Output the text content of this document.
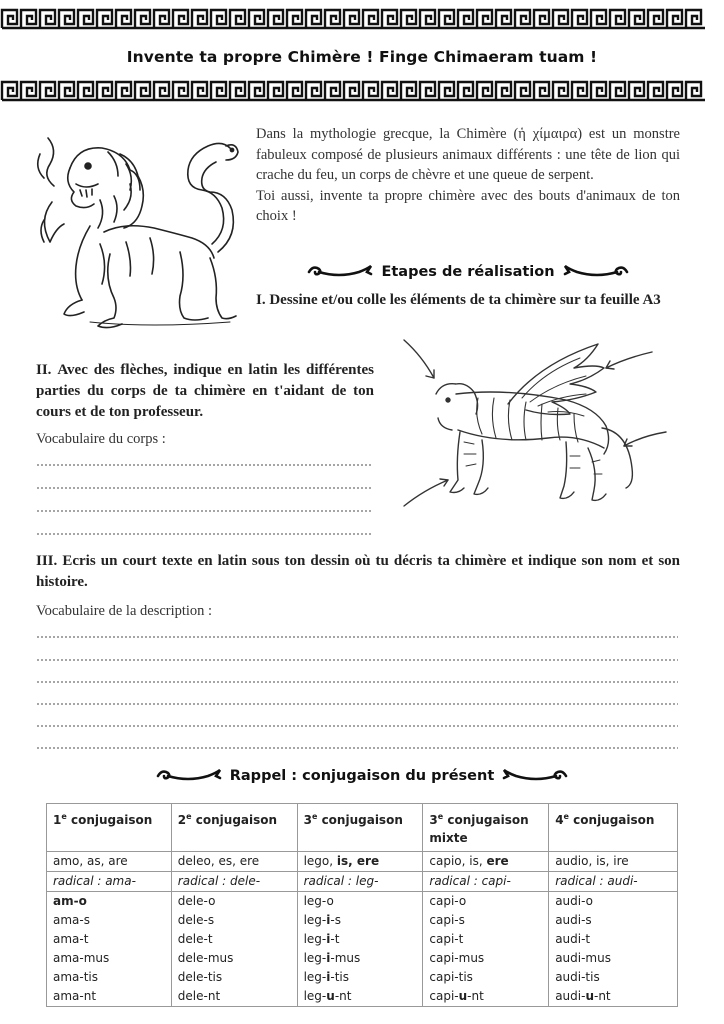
Invente ta propre Chimère ! Finge Chimaeram tuam !

Dans la mythologie grecque, la Chimère (ἡ χίμαιρα) est un monstre fabuleux composé de plusieurs animaux différents : une tête de lion qui crache du feu, un corps de chèvre et une queue de serpent.

Toi aussi, invente ta propre chimère avec des bouts d'animaux de ton choix !

Etapes de réalisation
I. Dessine et/ou colle les éléments de ta chimère sur ta feuille A3
II. Avec des flèches, indique en latin les différentes parties du corps de ta chimère en t'aidant de ton cours et de ton professeur.
Vocabulaire du corps :
III. Ecris un court texte en latin sous ton dessin où tu décris ta chimère et indique son nom et son histoire.
Vocabulaire de la description :
Rappel : conjugaison du présent
1e conjugaison	2e conjugaison	3e conjugaison	3e conjugaison mixte	4e conjugaison
amo, as, are	deleo, es, ere	lego, is, ere	capio, is, ere	audio, is, ire
radical : ama-	radical : dele-	radical : leg-	radical : capi-	radical : audi-
am-o	dele-o	leg-o	capi-o	audi-o
ama-s	dele-s	leg-i-s	capi-s	audi-s
ama-t	dele-t	leg-i-t	capi-t	audi-t
ama-mus	dele-mus	leg-i-mus	capi-mus	audi-mus
ama-tis	dele-tis	leg-i-tis	capi-tis	audi-tis
ama-nt	dele-nt	leg-u-nt	capi-u-nt	audi-u-nt
